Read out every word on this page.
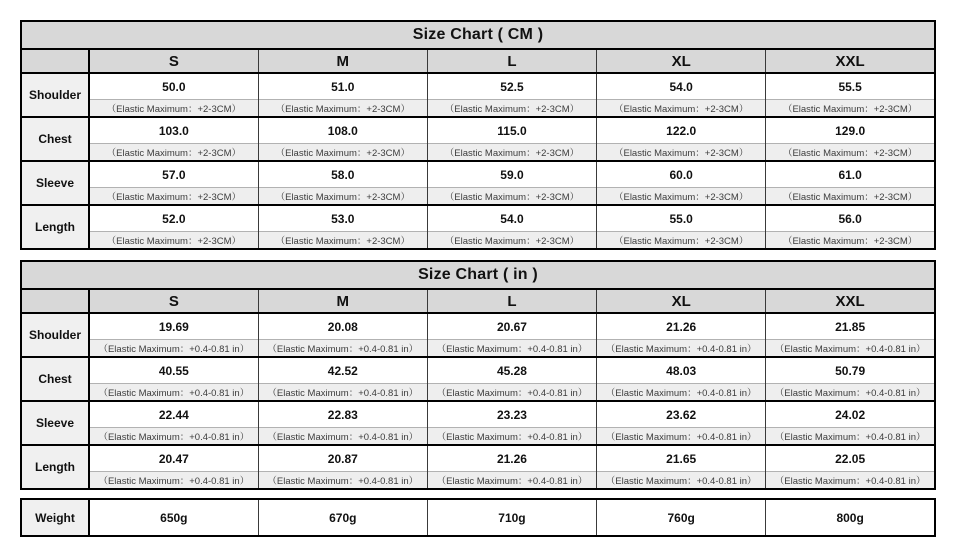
Size Chart ( CM )					
	S	M	L	XL	XXL
Shoulder	50.0	51.0	52.5	54.0	55.5
	（Elastic Maximum：+2-3CM）	（Elastic Maximum：+2-3CM）	（Elastic Maximum：+2-3CM）	（Elastic Maximum：+2-3CM）	（Elastic Maximum：+2-3CM）
Chest	103.0	108.0	115.0	122.0	129.0
	（Elastic Maximum：+2-3CM）	（Elastic Maximum：+2-3CM）	（Elastic Maximum：+2-3CM）	（Elastic Maximum：+2-3CM）	（Elastic Maximum：+2-3CM）
Sleeve	57.0	58.0	59.0	60.0	61.0
	（Elastic Maximum：+2-3CM）	（Elastic Maximum：+2-3CM）	（Elastic Maximum：+2-3CM）	（Elastic Maximum：+2-3CM）	（Elastic Maximum：+2-3CM）
Length	52.0	53.0	54.0	55.0	56.0
	（Elastic Maximum：+2-3CM）	（Elastic Maximum：+2-3CM）	（Elastic Maximum：+2-3CM）	（Elastic Maximum：+2-3CM）	（Elastic Maximum：+2-3CM）
Size Chart ( in )					
	S	M	L	XL	XXL
Shoulder	19.69	20.08	20.67	21.26	21.85
	（Elastic Maximum：+0.4-0.81 in）	（Elastic Maximum：+0.4-0.81 in）	（Elastic Maximum：+0.4-0.81 in）	（Elastic Maximum：+0.4-0.81 in）	（Elastic Maximum：+0.4-0.81 in）
Chest	40.55	42.52	45.28	48.03	50.79
	（Elastic Maximum：+0.4-0.81 in）	（Elastic Maximum：+0.4-0.81 in）	（Elastic Maximum：+0.4-0.81 in）	（Elastic Maximum：+0.4-0.81 in）	（Elastic Maximum：+0.4-0.81 in）
Sleeve	22.44	22.83	23.23	23.62	24.02
	（Elastic Maximum：+0.4-0.81 in）	（Elastic Maximum：+0.4-0.81 in）	（Elastic Maximum：+0.4-0.81 in）	（Elastic Maximum：+0.4-0.81 in）	（Elastic Maximum：+0.4-0.81 in）
Length	20.47	20.87	21.26	21.65	22.05
	（Elastic Maximum：+0.4-0.81 in）	（Elastic Maximum：+0.4-0.81 in）	（Elastic Maximum：+0.4-0.81 in）	（Elastic Maximum：+0.4-0.81 in）	（Elastic Maximum：+0.4-0.81 in）
Weight	650g	670g	710g	760g	800g
